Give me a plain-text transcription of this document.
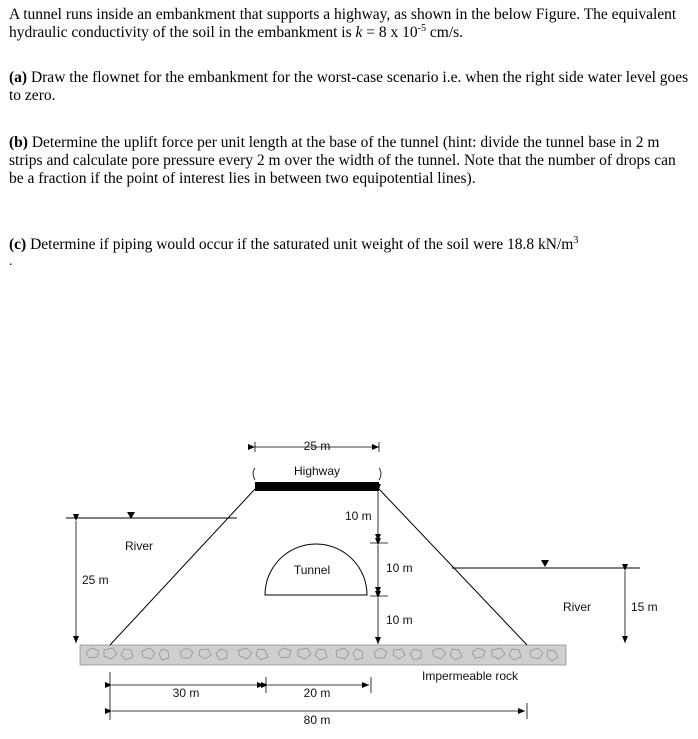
A tunnel runs inside an embankment that supports a highway, as shown in the below Figure. The equivalent hydraulic conductivity of the soil in the embankment is k = 8 x $10^{-5}$ cm/s.

(a) Draw the flownet for the embankment for the worst-case scenario i.e. when the right side water level goes to zero.

(b) Determine the uplift force per unit length at the base of the tunnel (hint: divide the tunnel base in 2 m strips and calculate pore pressure every 2 m over the width of the tunnel. Note that the number of drops can be a fraction if the point of interest lies in between two equipotential lines).

(c) Determine if piping would occur if the saturated unit weight of the soil were 18.8 $kN/m^3$

.
25 m
Highway
10 m
River
Tunnel	10 m
25 m
River	15 m
10 m
Impermeable rock
30 m	20 m
80 m
